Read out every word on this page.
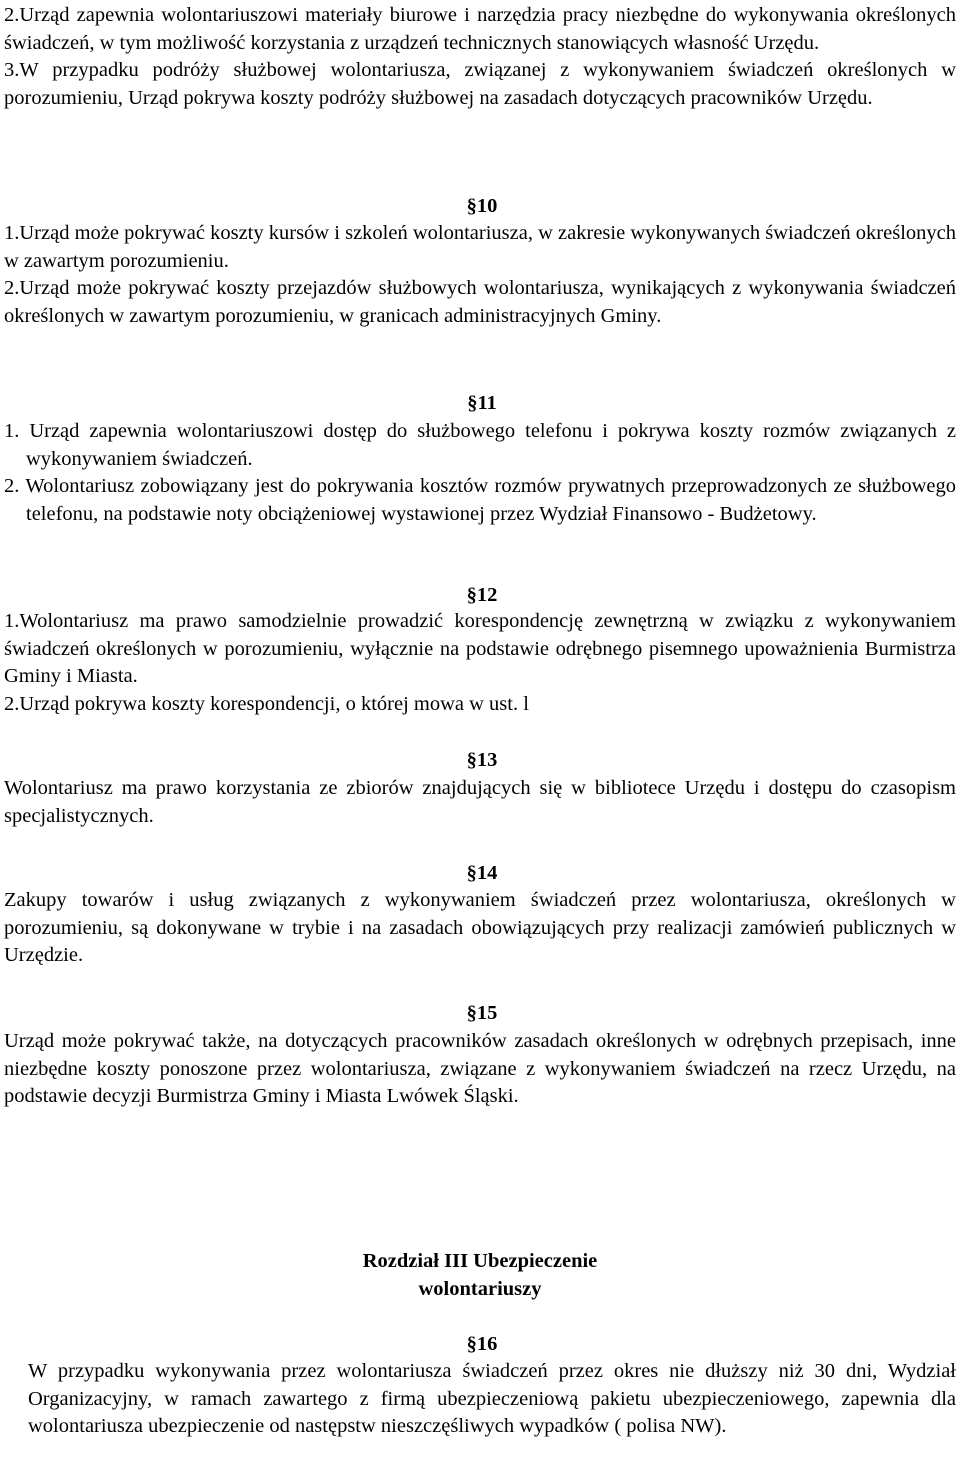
2.Urząd zapewnia wolontariuszowi materiały biurowe i narzędzia pracy niezbędne do wykonywania określonych świadczeń, w tym możliwość korzystania z urządzeń technicznych stanowiących własność Urzędu.

3.W przypadku podróży służbowej wolontariusza, związanej z wykonywaniem świadczeń określonych w porozumieniu, Urząd pokrywa koszty podróży służbowej na zasadach dotyczących pracowników Urzędu.

§10

1.Urząd może pokrywać koszty kursów i szkoleń wolontariusza, w zakresie wykonywanych świadczeń określonych w zawartym porozumieniu.

2.Urząd może pokrywać koszty przejazdów służbowych wolontariusza, wynikających z wykonywania świadczeń określonych w zawartym porozumieniu, w granicach administracyjnych Gminy.

§11

1. Urząd zapewnia wolontariuszowi dostęp do służbowego telefonu i pokrywa koszty rozmów związanych z wykonywaniem świadczeń.

2. Wolontariusz zobowiązany jest do pokrywania kosztów rozmów prywatnych przeprowadzonych ze służbowego telefonu, na podstawie noty obciążeniowej wystawionej przez Wydział Finansowo - Budżetowy.

§12

1.Wolontariusz ma prawo samodzielnie prowadzić korespondencję zewnętrzną w związku z wykonywaniem świadczeń określonych w porozumieniu, wyłącznie na podstawie odrębnego pisemnego upoważnienia Burmistrza Gminy i Miasta.

2.Urząd pokrywa koszty korespondencji, o której mowa w ust. l

§13

Wolontariusz ma prawo korzystania ze zbiorów znajdujących się w bibliotece Urzędu i dostępu do czasopism specjalistycznych.

§14

Zakupy towarów i usług związanych z wykonywaniem świadczeń przez wolontariusza, określonych w porozumieniu, są dokonywane w trybie i na zasadach obowiązujących przy realizacji zamówień publicznych w Urzędzie.

§15

Urząd może pokrywać także, na dotyczących pracowników zasadach określonych w odrębnych przepisach, inne niezbędne koszty ponoszone przez wolontariusza, związane z wykonywaniem świadczeń na rzecz Urzędu, na podstawie decyzji Burmistrza Gminy i Miasta Lwówek Śląski.

Rozdział III Ubezpieczenie
wolontariuszy
§16

W przypadku wykonywania przez wolontariusza świadczeń przez okres nie dłuższy niż 30 dni, Wydział Organizacyjny, w ramach zawartego z firmą ubezpieczeniową pakietu ubezpieczeniowego, zapewnia dla wolontariusza ubezpieczenie od następstw nieszczęśliwych wypadków ( polisa NW).
